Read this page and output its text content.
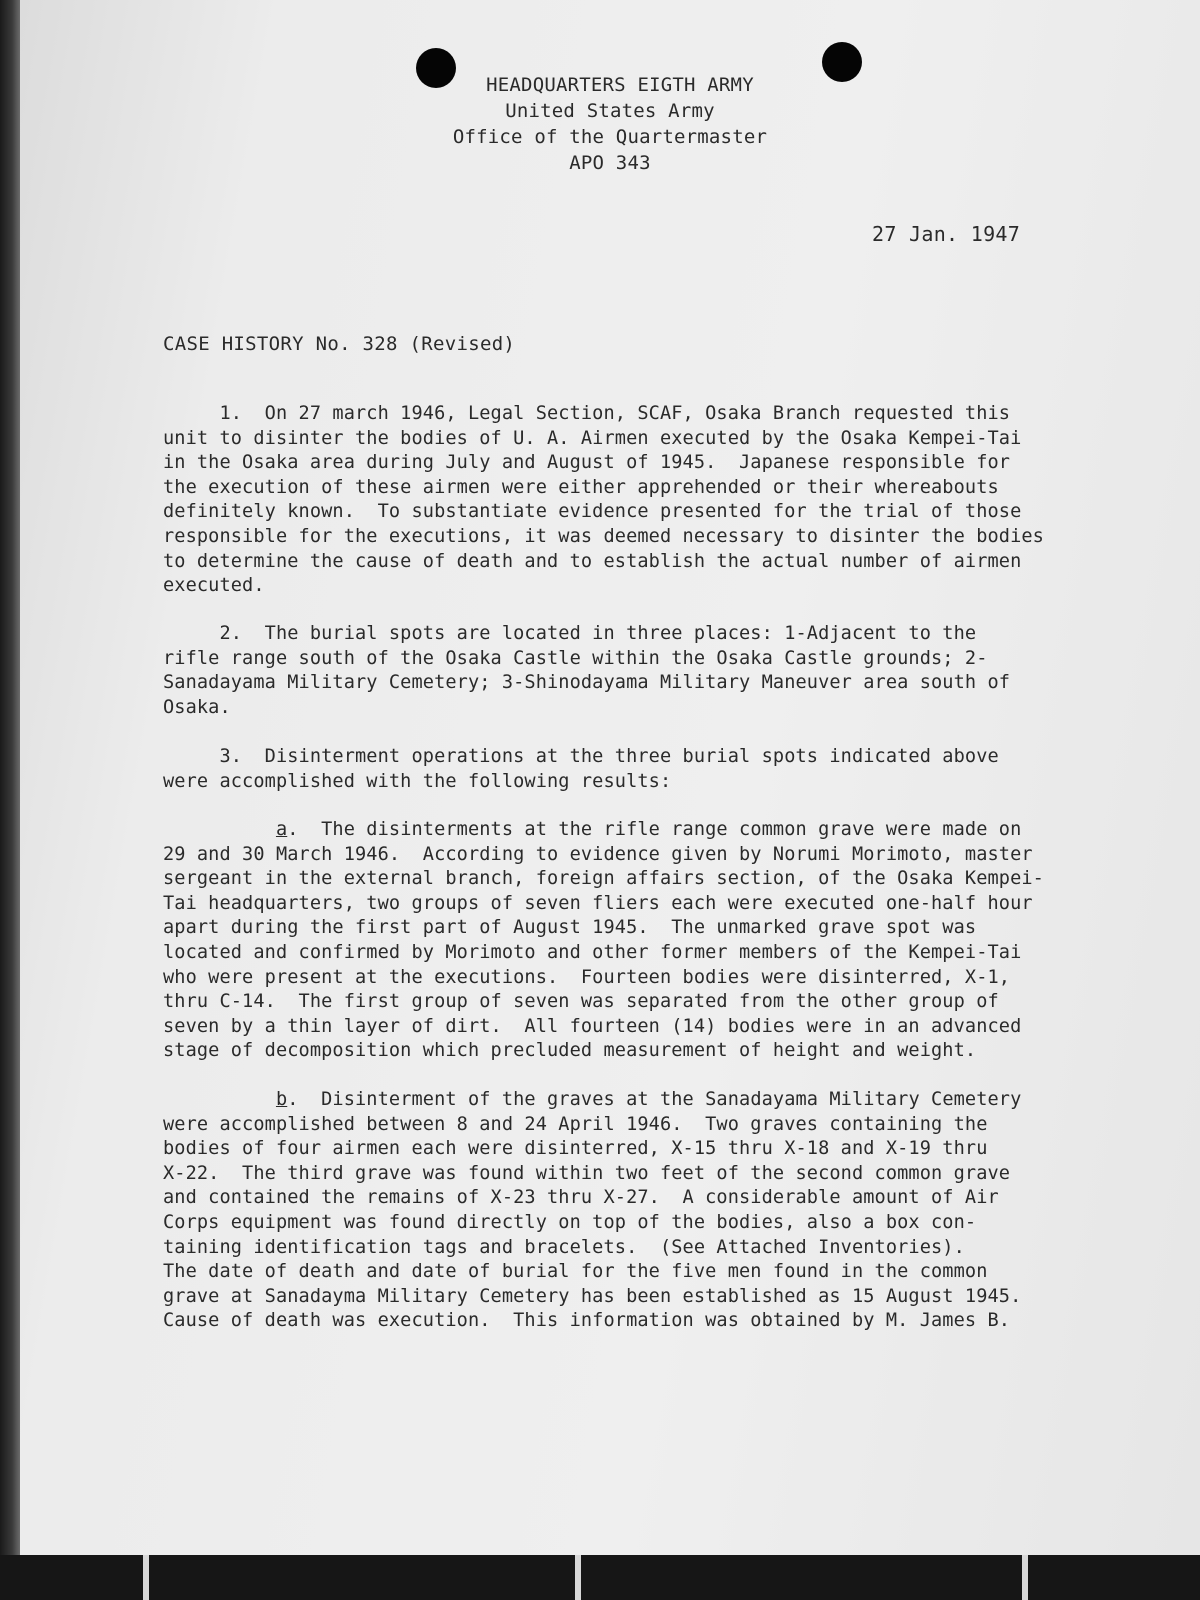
HEADQUARTERS EIGTH ARMY
United States Army
Office of the Quartermaster
APO 343
27 Jan. 1947
CASE HISTORY No. 328 (Revised)
1.  On 27 march 1946, Legal Section, SCAF, Osaka Branch requested this
unit to disinter the bodies of U. A. Airmen executed by the Osaka Kempei-Tai
in the Osaka area during July and August of 1945.  Japanese responsible for
the execution of these airmen were either apprehended or their whereabouts
definitely known.  To substantiate evidence presented for the trial of those
responsible for the executions, it was deemed necessary to disinter the bodies
to determine the cause of death and to establish the actual number of airmen
executed.
2.  The burial spots are located in three places: 1-Adjacent to the
rifle range south of the Osaka Castle within the Osaka Castle grounds; 2-
Sanadayama Military Cemetery; 3-Shinodayama Military Maneuver area south of
Osaka.
3.  Disinterment operations at the three burial spots indicated above
were accomplished with the following results:
a.  The disinterments at the rifle range common grave were made on
29 and 30 March 1946.  According to evidence given by Norumi Morimoto, master
sergeant in the external branch, foreign affairs section, of the Osaka Kempei-
Tai headquarters, two groups of seven fliers each were executed one-half hour
apart during the first part of August 1945.  The unmarked grave spot was
located and confirmed by Morimoto and other former members of the Kempei-Tai
who were present at the executions.  Fourteen bodies were disinterred, X-1,
thru C-14.  The first group of seven was separated from the other group of
seven by a thin layer of dirt.  All fourteen (14) bodies were in an advanced
stage of decomposition which precluded measurement of height and weight.
b.  Disinterment of the graves at the Sanadayama Military Cemetery
were accomplished between 8 and 24 April 1946.  Two graves containing the
bodies of four airmen each were disinterred, X-15 thru X-18 and X-19 thru
X-22.  The third grave was found within two feet of the second common grave
and contained the remains of X-23 thru X-27.  A considerable amount of Air
Corps equipment was found directly on top of the bodies, also a box con-
taining identification tags and bracelets.  (See Attached Inventories).
The date of death and date of burial for the five men found in the common
grave at Sanadayma Military Cemetery has been established as 15 August 1945.
Cause of death was execution.  This information was obtained by M. James B.
